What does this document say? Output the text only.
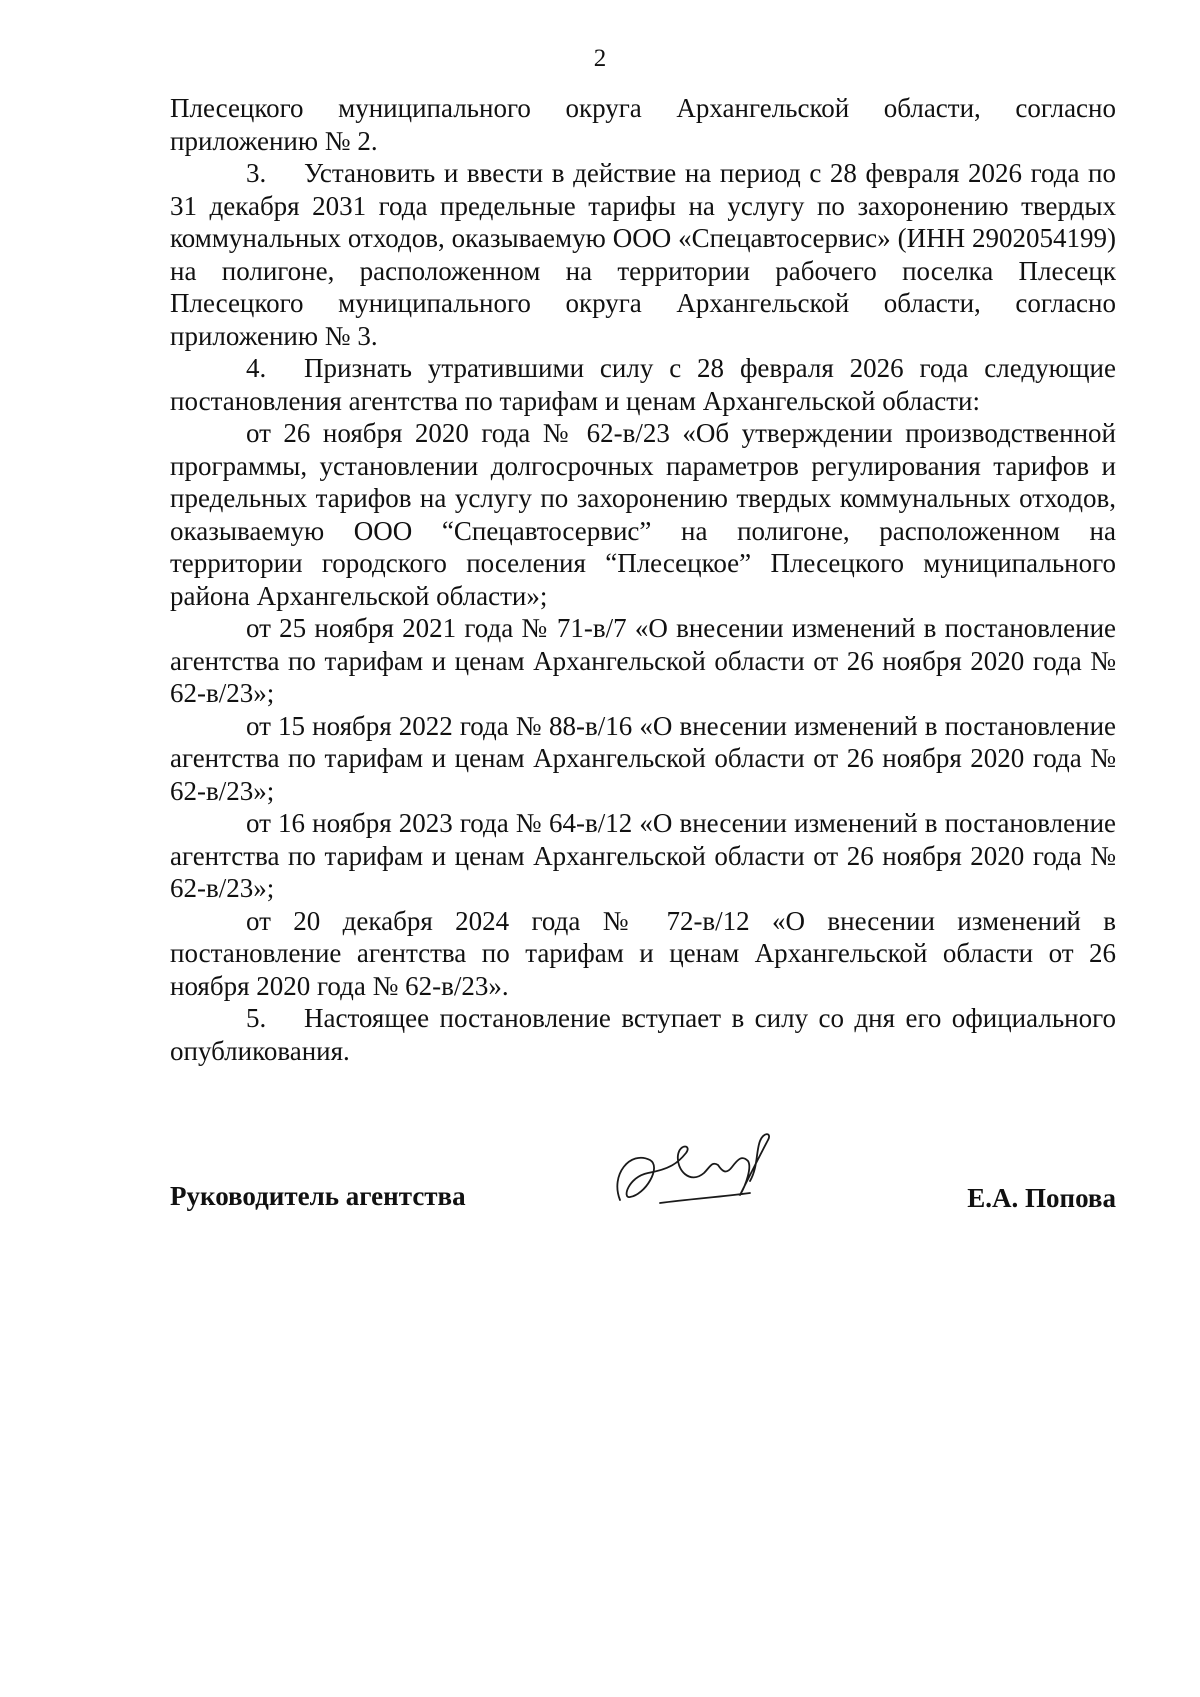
2

Плесецкого муниципального округа Архангельской области, согласно приложению № 2.

3. Установить и ввести в действие на период с 28 февраля 2026 года по 31 декабря 2031 года предельные тарифы на услугу по захоронению твердых коммунальных отходов, оказываемую ООО «Спецавтосервис» (ИНН 2902054199) на полигоне, расположенном на территории рабочего поселка Плесецк Плесецкого муниципального округа Архангельской области, согласно приложению № 3.

4. Признать утратившими силу с 28 февраля 2026 года следующие постановления агентства по тарифам и ценам Архангельской области:

от 26 ноября 2020 года № 62-в/23 «Об утверждении производственной программы, установлении долгосрочных параметров регулирования тарифов и предельных тарифов на услугу по захоронению твердых коммунальных отходов, оказываемую ООО “Спецавтосервис” на полигоне, расположенном на территории городского поселения “Плесецкое” Плесецкого муниципального района Архангельской области»;

от 25 ноября 2021 года № 71-в/7 «О внесении изменений в постановление агентства по тарифам и ценам Архангельской области от 26 ноября 2020 года № 62-в/23»;

от 15 ноября 2022 года № 88-в/16 «О внесении изменений в постановление агентства по тарифам и ценам Архангельской области от 26 ноября 2020 года № 62-в/23»;

от 16 ноября 2023 года № 64-в/12 «О внесении изменений в постановление агентства по тарифам и ценам Архангельской области от 26 ноября 2020 года № 62-в/23»;

от 20 декабря 2024 года № 72-в/12 «О внесении изменений в постановление агентства по тарифам и ценам Архангельской области от 26 ноября 2020 года № 62-в/23».

5. Настоящее постановление вступает в силу со дня его официального опубликования.

Руководитель агентства	Е.А. Попова
